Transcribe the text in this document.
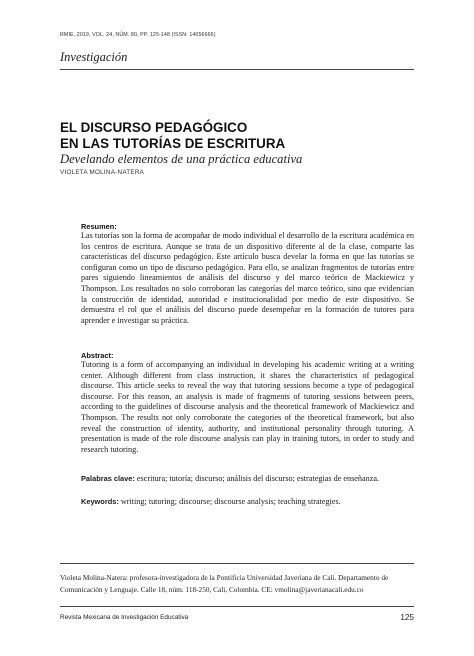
RMIE, 2019, VOL. 24, NÚM. 80, PP. 125-148 (ISSN: 14056666)
Investigación
EL DISCURSO PEDAGÓGICO
EN LAS TUTORÍAS DE ESCRITURA
Develando elementos de una práctica educativa
VIOLETA MOLINA-NATERA
Resumen:
Las tutorías son la forma de acompañar de modo individual el desarrollo de la escritura académica en los centros de escritura. Aunque se trata de un dispositivo diferente al de la clase, comparte las características del discurso pedagógico. Este artículo busca develar la forma en que las tutorías se configuran como un tipo de discurso pedagógico. Para ello, se analizan fragmentos de tutorías entre pares siguiendo lineamientos de análisis del discurso y del marco teórico de Mackiewicz y Thompson. Los resultados no solo corroboran las categorías del marco teórico, sino que evidencian la construcción de identidad, autoridad e institucionalidad por medio de este dispositivo. Se demuestra el rol que el análisis del discurso puede desempeñar en la formación de tutores para aprender e investigar su práctica.
Abstract:
Tutoring is a form of accompanying an individual in developing his academic writing at a writing center. Although different from class instruction, it shares the characteristics of pedagogical discourse. This article seeks to reveal the way that tutoring sessions become a type of pedagogical discourse. For this reason, an analysis is made of fragments of tutoring sessions between peers, according to the guidelines of discourse analysis and the theoretical framework of Mackiewicz and Thompson. The results not only corroborate the categories of the theoretical framework, but also reveal the construction of identity, authority, and institutional personality through tutoring. A presentation is made of the role discourse analysis can play in training tutors, in order to study and research tutoring.
Palabras clave: escritura; tutoría; discurso; análisis del discurso; estrategias de enseñanza.
Keywords: writing; tutoring; discourse; discourse analysis; teaching strategies.

Violeta Molina-Natera: profesora-investigadora de la Pontificia Universidad Javeriana de Cali. Departamento de Comunicación y Lenguaje. Calle 18, núm. 118-250, Cali, Colombia. CE: vmolina@javerianacali.edu.co

Revista Mexicana de Investigación Educativa	125
